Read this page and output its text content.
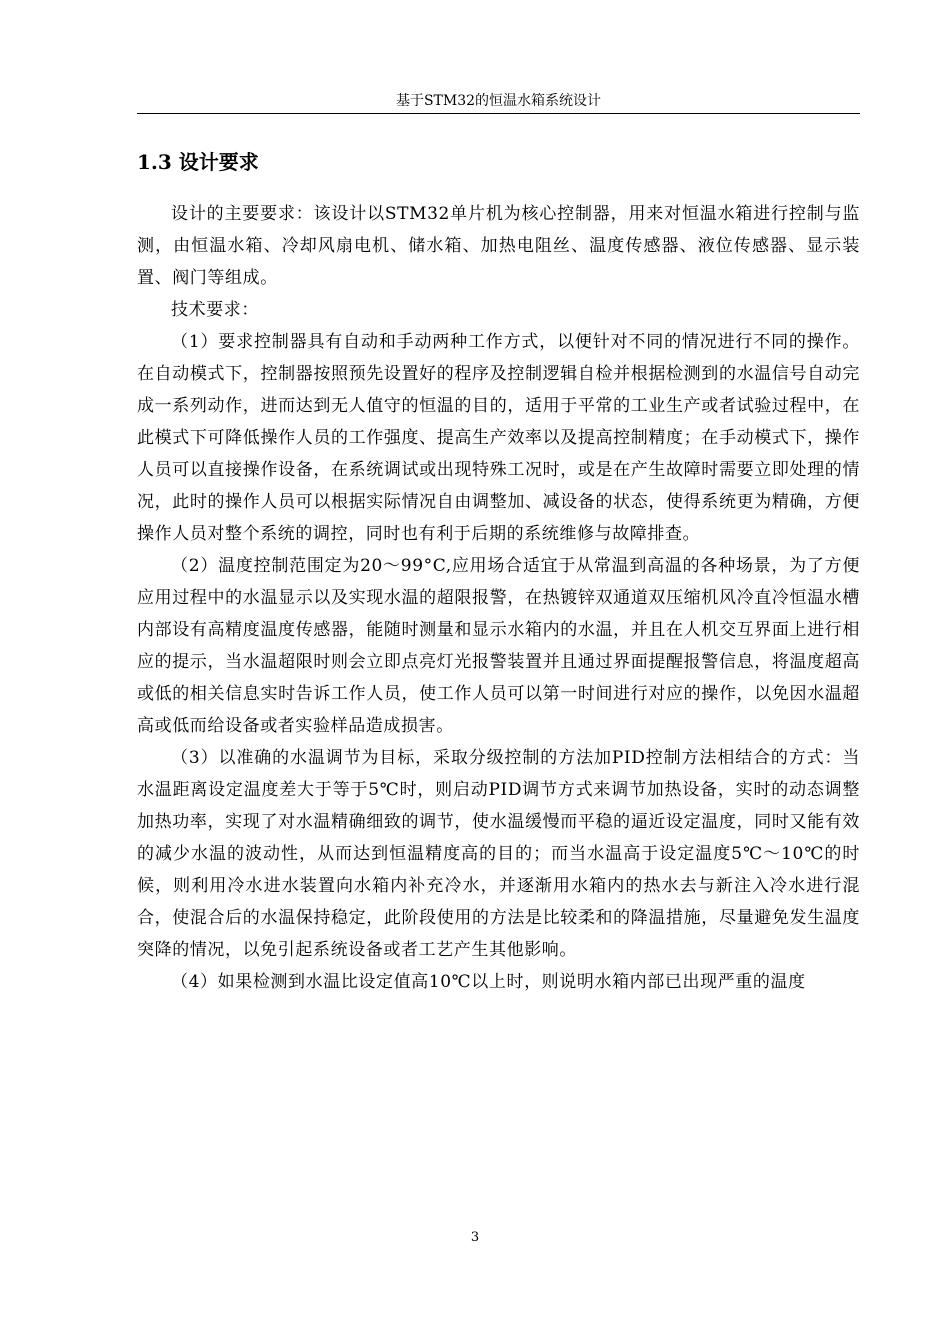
基于STM32的恒温水箱系统设计
1.3 设计要求

设计的主要要求：该设计以STM32单片机为核心控制器，用来对恒温水箱进行控制与监测，由恒温水箱、冷却风扇电机、储水箱、加热电阻丝、温度传感器、液位传感器、显示装置、阀门等组成。

技术要求：

（1）要求控制器具有自动和手动两种工作方式，以便针对不同的情况进行不同的操作。在自动模式下，控制器按照预先设置好的程序及控制逻辑自检并根据检测到的水温信号自动完成一系列动作，进而达到无人值守的恒温的目的，适用于平常的工业生产或者试验过程中，在此模式下可降低操作人员的工作强度、提高生产效率以及提高控制精度；在手动模式下，操作人员可以直接操作设备，在系统调试或出现特殊工况时，或是在产生故障时需要立即处理的情况，此时的操作人员可以根据实际情况自由调整加、减设备的状态，使得系统更为精确，方便操作人员对整个系统的调控，同时也有利于后期的系统维修与故障排查。

（2）温度控制范围定为20～99°C,应用场合适宜于从常温到高温的各种场景，为了方便应用过程中的水温显示以及实现水温的超限报警，在热镀锌双通道双压缩机风冷直冷恒温水槽内部设有高精度温度传感器，能随时测量和显示水箱内的水温，并且在人机交互界面上进行相应的提示，当水温超限时则会立即点亮灯光报警装置并且通过界面提醒报警信息，将温度超高或低的相关信息实时告诉工作人员，使工作人员可以第一时间进行对应的操作，以免因水温超高或低而给设备或者实验样品造成损害。

（3）以准确的水温调节为目标，采取分级控制的方法加PID控制方法相结合的方式：当水温距离设定温度差大于等于5℃时，则启动PID调节方式来调节加热设备，实时的动态调整加热功率，实现了对水温精确细致的调节，使水温缓慢而平稳的逼近设定温度，同时又能有效的减少水温的波动性，从而达到恒温精度高的目的；而当水温高于设定温度5℃～10℃的时候，则利用冷水进水装置向水箱内补充冷水，并逐渐用水箱内的热水去与新注入冷水进行混合，使混合后的水温保持稳定，此阶段使用的方法是比较柔和的降温措施，尽量避免发生温度突降的情况，以免引起系统设备或者工艺产生其他影响。

（4）如果检测到水温比设定值高10℃以上时，则说明水箱内部已出现严重的温度

3
